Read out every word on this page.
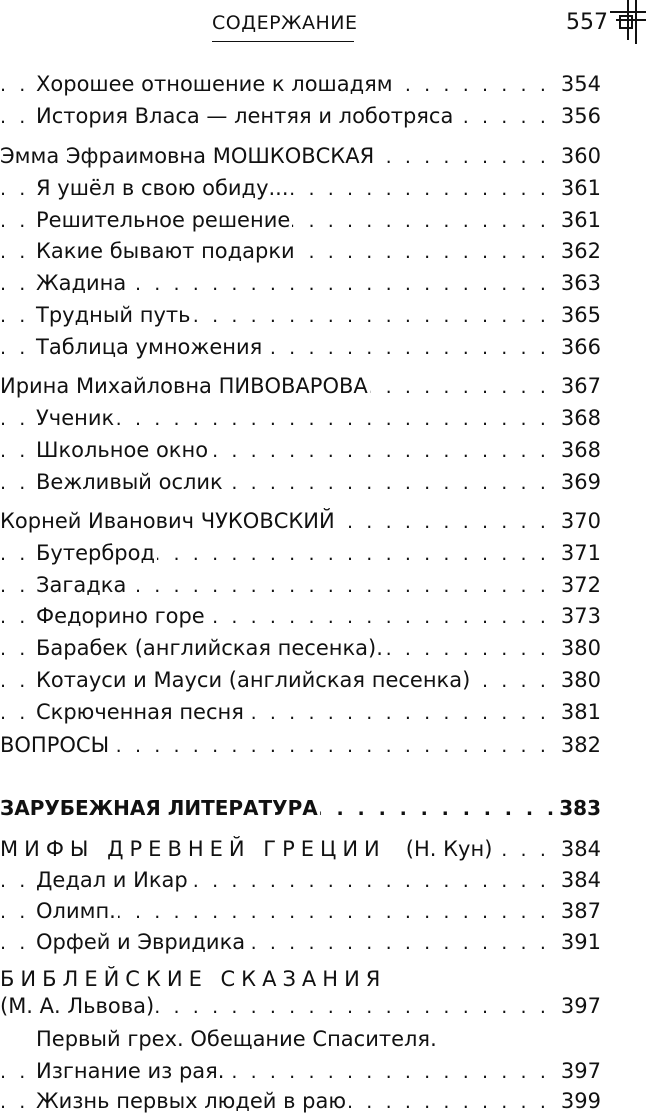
СОДЕРЖАНИЕ	557
. . .
Хорошее отношение к лошадям	354
. . .
История Власа — лентяя и лоботряса	356
. . .
Эмма Эфраимовна МОШКОВСКАЯ	360
. . .
Я ушёл в свою обиду...	361
. . .
Решительное решение	361
. . .
Какие бывают подарки	362
. . .
Жадина	363
. . .
Трудный путь	365
. . .
Таблица умножения	366
. . .
Ирина Михайловна ПИВОВАРОВА	367
. . .
Ученик	368
. . .
Школьное окно	368
. . .
Вежливый ослик	369
. . .
Корней Иванович ЧУКОВСКИЙ	370
. . .
Бутерброд	371
. . .
Загадка	372
. . .
Федорино горе	373
. . .
Барабек (английская песенка).	380
. . .
Котауси и Мауси (английская песенка)	380
. . .
Скрюченная песня	381
. . .
ВОПРОСЫ	382
. . .
ЗАРУБЕЖНАЯ ЛИТЕРАТУРА	383
. . .
МИФЫ ДРЕВНЕЙ ГРЕЦИИ (Н. Кун)	384
. . .
Дедал и Икар	384
. . .
Олимп.	387
. . .
Орфей и Эвридика	391
БИБЛЕЙСКИЕ СКАЗАНИЯ
. . .
(М. А. Львова)	397
Первый грех. Обещание Спасителя.
. . .
Изгнание из рая.	397
. . .
Жизнь первых людей в раю	399
